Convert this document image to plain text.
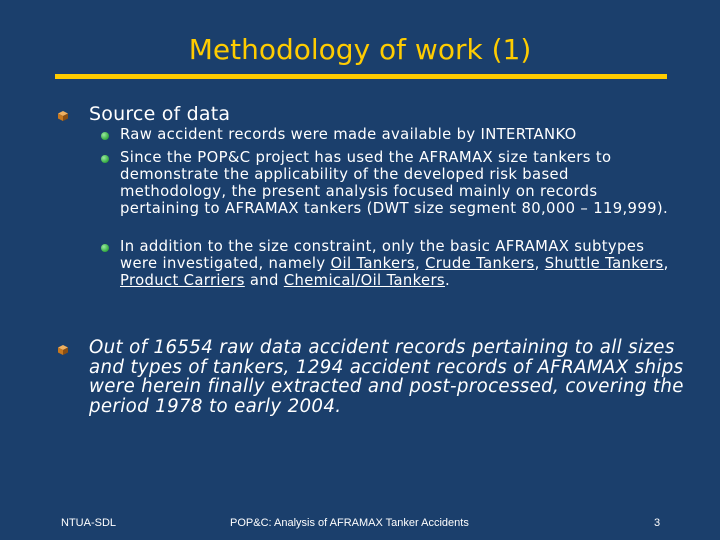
Methodology of work (1)
Source of data
Raw accident records were made available by INTERTANKO
Since the POP&C project has used the AFRAMAX size tankers to demonstrate the applicability of the developed risk based methodology, the present analysis focused mainly on records pertaining to AFRAMAX tankers (DWT size segment 80,000 – 119,999).
In addition to the size constraint, only the basic AFRAMAX subtypes were investigated, namely Oil Tankers, Crude Tankers, Shuttle Tankers, Product Carriers and Chemical/Oil Tankers.
Out of 16554 raw data accident records pertaining to all sizes and types of tankers, 1294 accident records of AFRAMAX ships were herein finally extracted and post-processed, covering the period 1978 to early 2004.
NTUA-SDL	POP&C: Analysis of AFRAMAX Tanker Accidents	3
